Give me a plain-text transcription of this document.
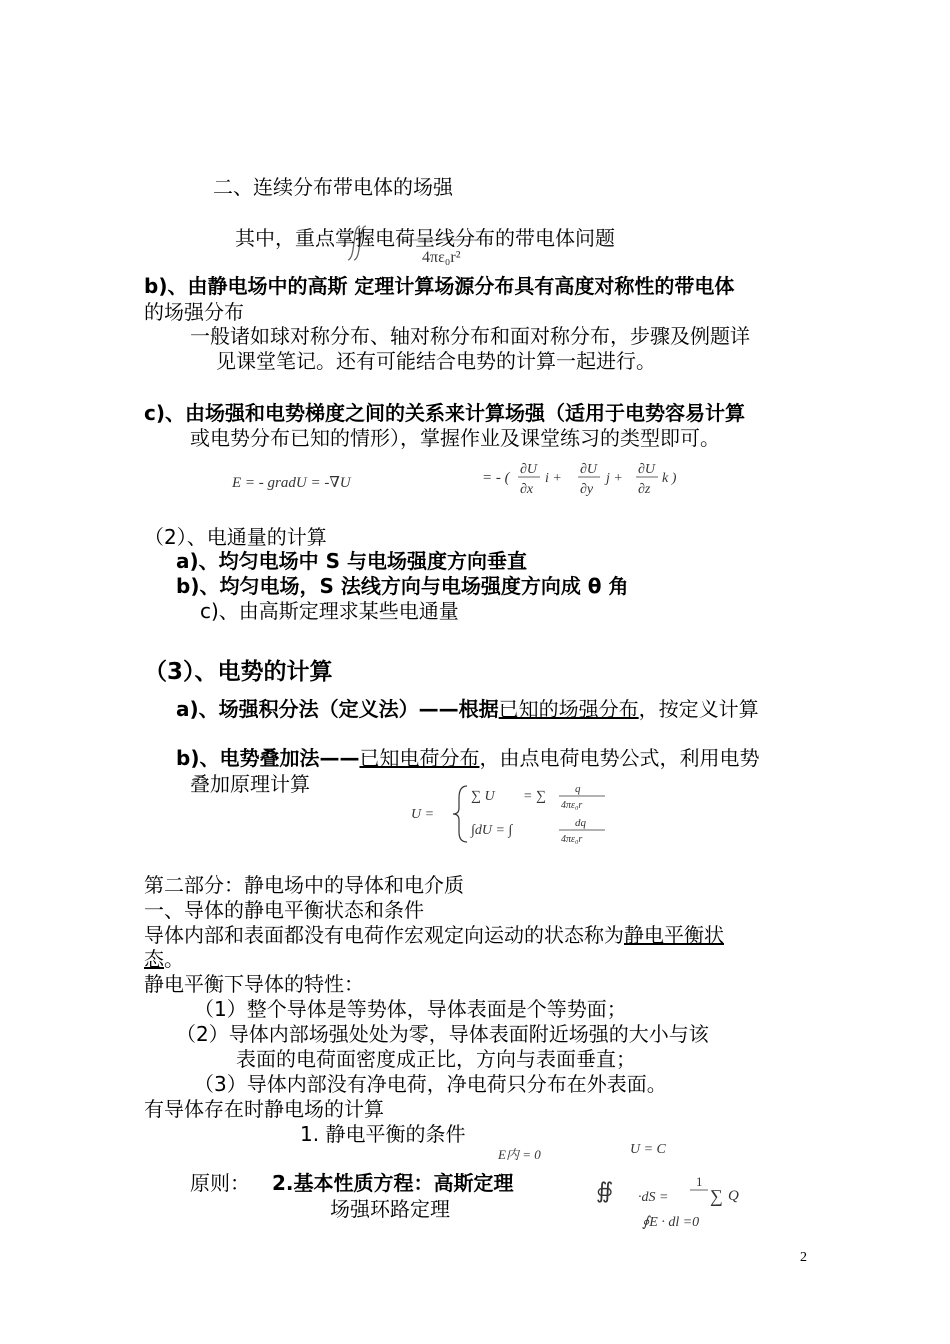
二、连续分布带电体的场强
4πε₀r²
其中，重点掌握电荷呈线分布的带电体问题
b)、由静电场中的高斯 定理计算场源分布具有高度对称性的带电体
的场强分布
一般诸如球对称分布、轴对称分布和面对称分布，步骤及例题详
见课堂笔记。还有可能结合电势的计算一起进行。
c)、由场强和电势梯度之间的关系来计算场强（适用于电势容易计算
或电势分布已知的情形），掌握作业及课堂练习的类型即可。
E = - gradU = -∇U	= - (
∂U
∂x
i +
∂U
∂y
j +
∂U
∂z
k )
（2）、电通量的计算
a)、均匀电场中 S 与电场强度方向垂直
b)、均匀电场，S 法线方向与电场强度方向成 θ 角
c)、由高斯定理求某些电通量
（3）、电势的计算
a)、场强积分法（定义法）——根据已知的场强分布，按定义计算
b)、电势叠加法——已知电荷分布，由点电荷电势公式，利用电势
叠加原理计算
U =
∑ U = ∑	q
4πε₀r
∫dU = ∫	dq
4πε₀r
第二部分：静电场中的导体和电介质
一、导体的静电平衡状态和条件
导体内部和表面都没有电荷作宏观定向运动的状态称为静电平衡状
态。
静电平衡下导体的特性：
（1）整个导体是等势体，导体表面是个等势面；
（2）导体内部场强处处为零，导体表面附近场强的大小与该
表面的电荷面密度成正比，方向与表面垂直；
（3）导体内部没有净电荷，净电荷只分布在外表面。
有导体存在时静电场的计算
1. 静电平衡的条件
E内 = 0	U = C
原则： 2.基本性质方程：高斯定理
场强环路定理
∯ ·dS =
1
∑ Q
∮E · dl =0
∯ E · dS = 1/ε₀ ∑ Q
∮ E · dl = 0
2
